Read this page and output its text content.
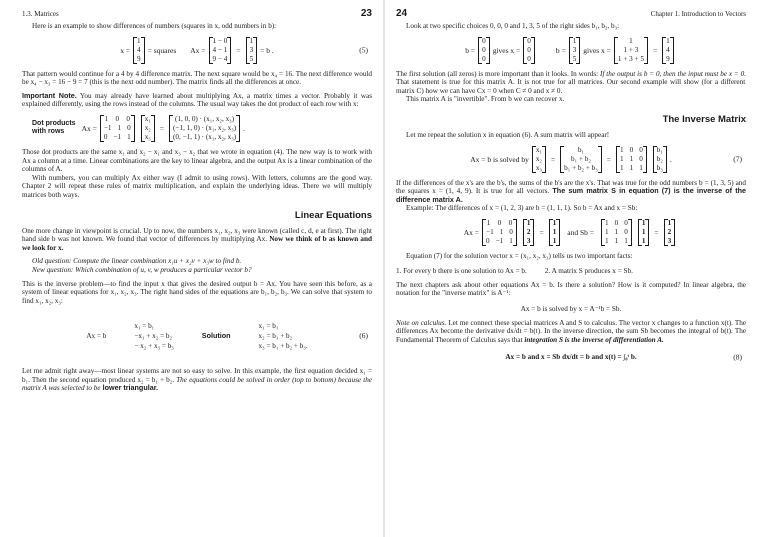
1.3. Matrices	23

Here is an example to show differences of numbers (squares in x, odd numbers in b):

x =
1
4
9
= squares Ax =
1 − 0
4 − 1
9 − 4
=
1
3
5
= b .	(5)

That pattern would continue for a 4 by 4 difference matrix. The next square would be x₄ = 16. The next difference would be x₄ − x₃ = 16 − 9 = 7 (this is the next odd number). The matrix finds all the differences at once.

Important Note. You may already have learned about multiplying Ax, a matrix times a vector. Probably it was explained differently, using the rows instead of the columns. The usual way takes the dot product of each row with x:

Dot products
with rows	Ax =
1 0 0
−1 1 0
0 −1 1
x₁
x₂
x₃
=
(1, 0, 0) · (x₁, x₂, x₃)
(−1, 1, 0) · (x₁, x₂, x₃)
(0, −1, 1) · (x₁, x₂, x₃)
.

Those dot products are the same x₁ and x₂ − x₁ and x₃ − x₂ that we wrote in equation (4). The new way is to work with Ax a column at a time. Linear combinations are the key to linear algebra, and the output Ax is a linear combination of the columns of A.

With numbers, you can multiply Ax either way (I admit to using rows). With letters, columns are the good way. Chapter 2 will repeat these rules of matrix multiplication, and explain the underlying ideas. There we will multiply matrices both ways.

Linear Equations

One more change in viewpoint is crucial. Up to now, the numbers x₁, x₂, x₃ were known (called c, d, e at first). The right hand side b was not known. We found that vector of differences by multiplying Ax. Now we think of b as known and we look for x.

Old question: Compute the linear combination x₁u + x₂v + x₃w to find b.

New question: Which combination of u, v, w produces a particular vector b?

This is the inverse problem—to find the input x that gives the desired output b = Ax. You have seen this before, as a system of linear equations for x₁, x₂, x₃. The right hand sides of the equations are b₁, b₂, b₃. We can solve that system to find x₁, x₂, x₃:

Ax = b
x₁ = b₁
−x₁ + x₂ = b₂
− x₂ + x₃ = b₃
Solution
x₁ = b₁
x₂ = b₁ + b₂
x₃ = b₁ + b₂ + b₃.
(6)

Let me admit right away—most linear systems are not so easy to solve. In this example, the first equation decided x₁ = b₁. Then the second equation produced x₂ = b₁ + b₂. The equations could be solved in order (top to bottom) because the matrix A was selected to be lower triangular.

24	Chapter 1. Introduction to Vectors

Look at two specific choices 0, 0, 0 and 1, 3, 5 of the right sides b₁, b₂, b₃:

b =
0
0
0
gives x =
0
0
0
b =
1
3
5
gives x =
1
1 + 3
1 + 3 + 5
=
1
4
9

The first solution (all zeros) is more important than it looks. In words: If the output is b = 0, then the input must be x = 0. That statement is true for this matrix A. It is not true for all matrices. Our second example will show (for a different matrix C) how we can have Cx = 0 when C ≠ 0 and x ≠ 0.

This matrix A is "invertible". From b we can recover x.

The Inverse Matrix

Let me repeat the solution x in equation (6). A sum matrix will appear!

Ax = b is solved by
x₁
x₂
x₃
=
b₁
b₁ + b₂
b₁ + b₂ + b₃
=
1 0 0
1 1 0
1 1 1
b₁
b₂
b₃
.	(7)

If the differences of the x's are the b's, the sums of the b's are the x's. That was true for the odd numbers b = (1, 3, 5) and the squares x = (1, 4, 9). It is true for all vectors. The sum matrix S in equation (7) is the inverse of the difference matrix A.

Example: The differences of x = (1, 2, 3) are b = (1, 1, 1). So b = Ax and x = Sb:

Ax =
1 0 0
−1 1 0
0 −1 1
1
2
3
=
1
1
1
and Sb =
1 0 0
1 1 0
1 1 1
1
1
1
=
1
2
3

Equation (7) for the solution vector x = (x₁, x₂, x₃) tells us two important facts:

1. For every b there is one solution to Ax = b.	2. A matrix S produces x = Sb.

The next chapters ask about other equations Ax = b. Is there a solution? How is it computed? In linear algebra, the notation for the "inverse matrix" is A⁻¹:

Ax = b is solved by x = A⁻¹b = Sb.

Note on calculus. Let me connect these special matrices A and S to calculus. The vector x changes to a function x(t). The differences Ax become the derivative dx/dt = b(t). In the inverse direction, the sum Sb becomes the integral of b(t). The Fundamental Theorem of Calculus says that integration S is the inverse of differentiation A.

Ax = b and x = Sb dx/dt = b and x(t) = ∫₀ᵗ b.	(8)
